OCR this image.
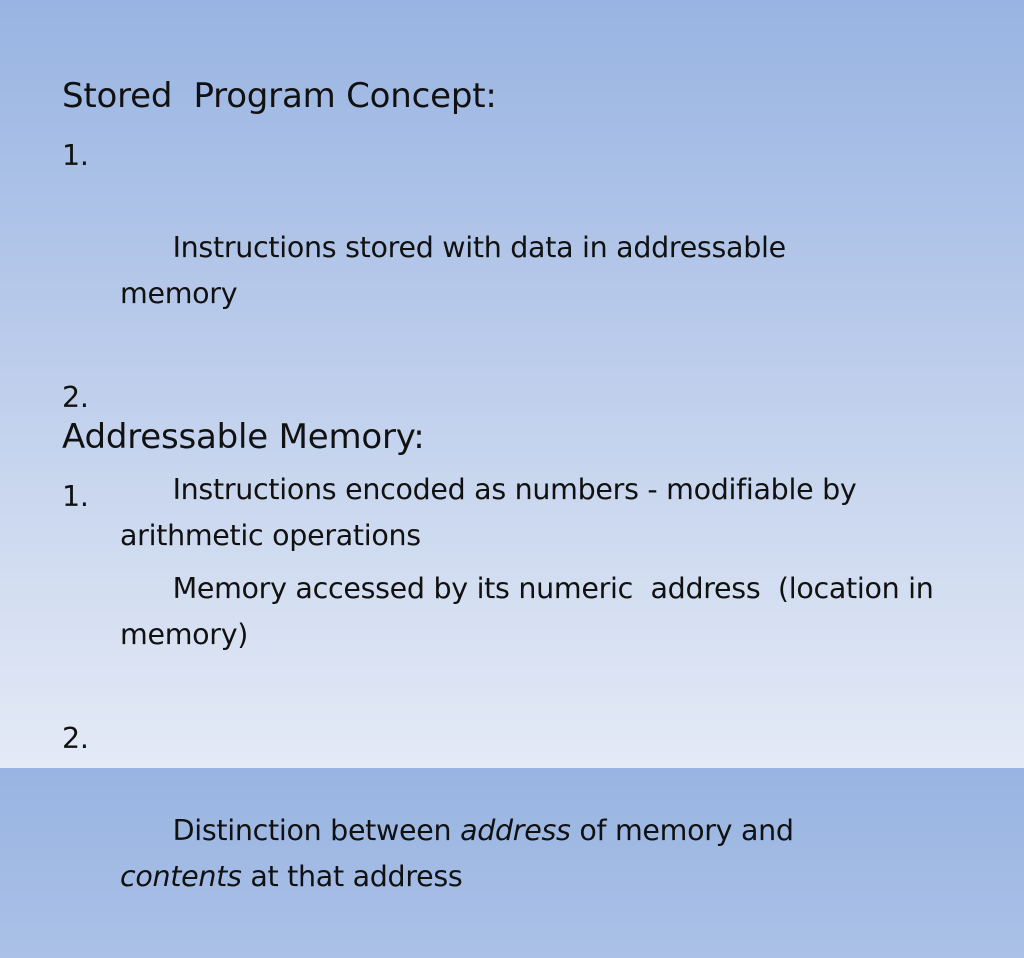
Stored  Program Concept:

1.

Instructions stored with data in addressable memory

2.

Instructions encoded as numbers - modifiable by arithmetic operations

Addressable Memory:

1.

Memory accessed by its numeric  address  (location in memory)

2.

Distinction between address of memory and
contents at that address
